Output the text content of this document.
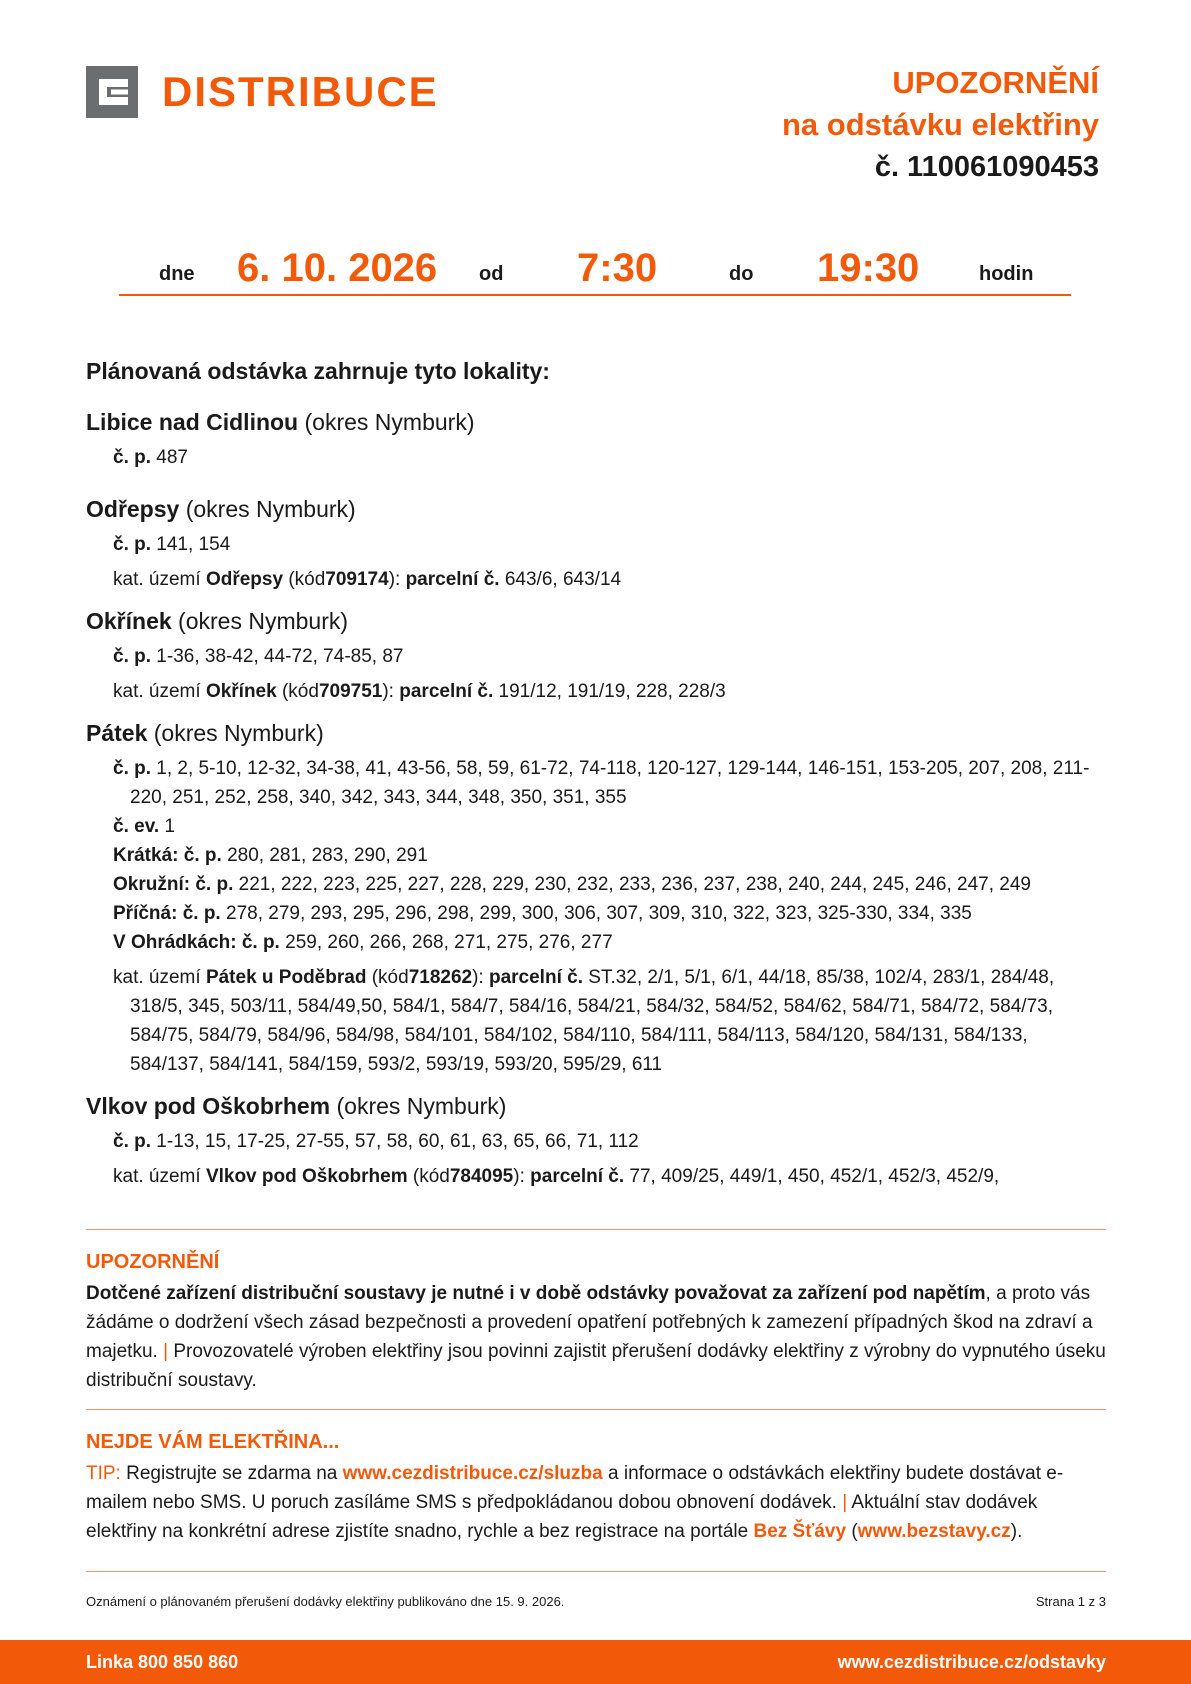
DISTRIBUCE	UPOZORNĚNÍ
na odstávku elektřiny
č. 110061090453
dne 6. 10. 2026 od 7:30	do 19:30	hodin
Plánovaná odstávka zahrnuje tyto lokality:
Libice nad Cidlinou (okres Nymburk)
č. p. 487
Odřepsy (okres Nymburk)
č. p. 141, 154
kat. území Odřepsy (kód709174): parcelní č. 643/6, 643/14
Okřínek (okres Nymburk)
č. p. 1-36, 38-42, 44-72, 74-85, 87
kat. území Okřínek (kód709751): parcelní č. 191/12, 191/19, 228, 228/3
Pátek (okres Nymburk)
č. p. 1, 2, 5-10, 12-32, 34-38, 41, 43-56, 58, 59, 61-72, 74-118, 120-127, 129-144, 146-151, 153-205, 207, 208, 211-220, 251, 252, 258, 340, 342, 343, 344, 348, 350, 351, 355
č. ev. 1
Krátká: č. p. 280, 281, 283, 290, 291
Okružní: č. p. 221, 222, 223, 225, 227, 228, 229, 230, 232, 233, 236, 237, 238, 240, 244, 245, 246, 247, 249
Příčná: č. p. 278, 279, 293, 295, 296, 298, 299, 300, 306, 307, 309, 310, 322, 323, 325-330, 334, 335
V Ohrádkách: č. p. 259, 260, 266, 268, 271, 275, 276, 277
kat. území Pátek u Poděbrad (kód718262): parcelní č. ST.32, 2/1, 5/1, 6/1, 44/18, 85/38, 102/4, 283/1, 284/48, 318/5, 345, 503/11, 584/49,50, 584/1, 584/7, 584/16, 584/21, 584/32, 584/52, 584/62, 584/71, 584/72, 584/73, 584/75, 584/79, 584/96, 584/98, 584/101, 584/102, 584/110, 584/111, 584/113, 584/120, 584/131, 584/133, 584/137, 584/141, 584/159, 593/2, 593/19, 593/20, 595/29, 611
Vlkov pod Oškobrhem (okres Nymburk)
č. p. 1-13, 15, 17-25, 27-55, 57, 58, 60, 61, 63, 65, 66, 71, 112
kat. území Vlkov pod Oškobrhem (kód784095): parcelní č. 77, 409/25, 449/1, 450, 452/1, 452/3, 452/9,
UPOZORNĚNÍ
Dotčené zařízení distribuční soustavy je nutné i v době odstávky považovat za zařízení pod napětím, a proto vás žádáme o dodržení všech zásad bezpečnosti a provedení opatření potřebných k zamezení případných škod na zdraví a majetku. | Provozovatelé výroben elektřiny jsou povinni zajistit přerušení dodávky elektřiny z výrobny do vypnutého úseku distribuční soustavy.
NEJDE VÁM ELEKTŘINA...
TIP: Registrujte se zdarma na www.cezdistribuce.cz/sluzba a informace o odstávkách elektřiny budete dostávat e-mailem nebo SMS. U poruch zasíláme SMS s předpokládanou dobou obnovení dodávek. | Aktuální stav dodávek elektřiny na konkrétní adrese zjistíte snadno, rychle a bez registrace na portále Bez Šťávy (www.bezstavy.cz).
Oznámení o plánovaném přerušení dodávky elektřiny publikováno dne 15. 9. 2026.	Strana 1 z 3
Linka 800 850 860	www.cezdistribuce.cz/odstavky
